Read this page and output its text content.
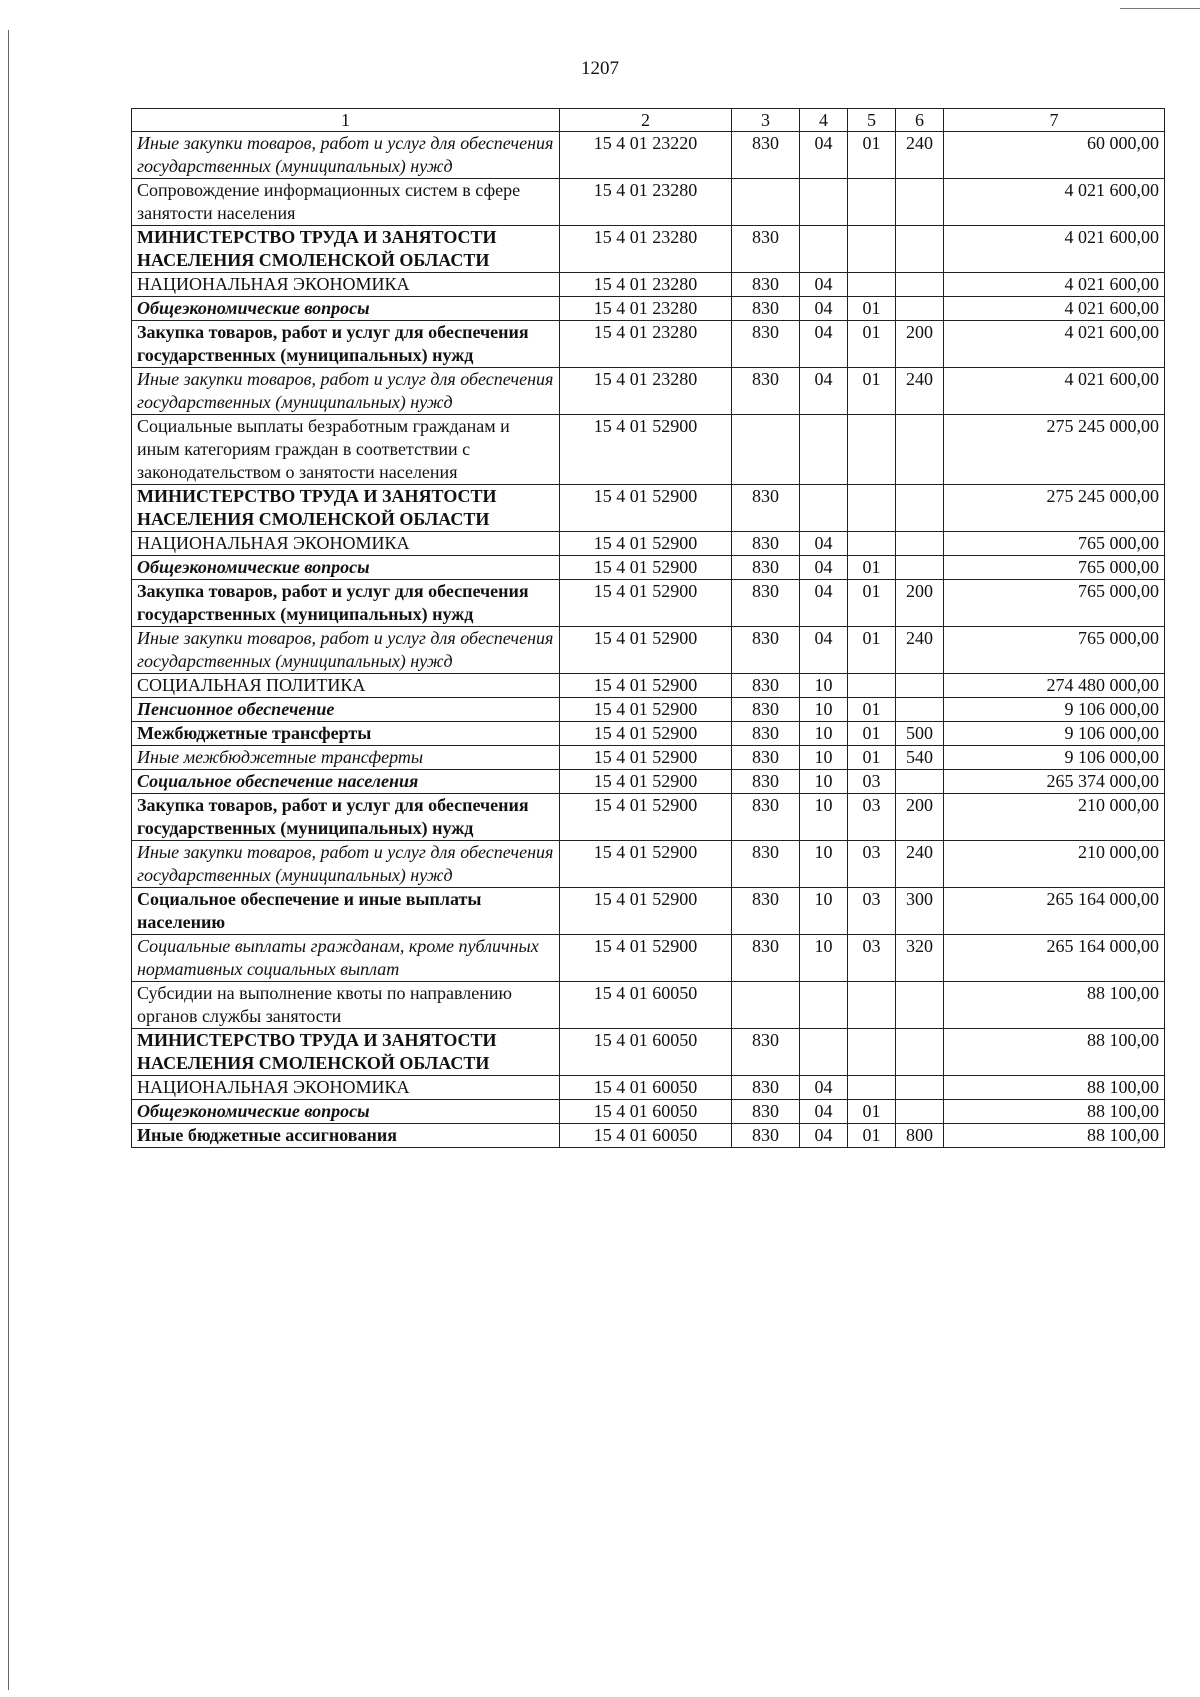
1207
1	2	3	4	5	6	7
Иные закупки товаров, работ и услуг для обеспечения государственных (муниципальных) нужд	15 4 01 23220	830	04	01	240	60 000,00
Сопровождение информационных систем в сфере занятости населения	15 4 01 23280					4 021 600,00
МИНИСТЕРСТВО ТРУДА И ЗАНЯТОСТИ НАСЕЛЕНИЯ СМОЛЕНСКОЙ ОБЛАСТИ	15 4 01 23280	830				4 021 600,00
НАЦИОНАЛЬНАЯ ЭКОНОМИКА	15 4 01 23280	830	04			4 021 600,00
Общеэкономические вопросы	15 4 01 23280	830	04	01		4 021 600,00
Закупка товаров, работ и услуг для обеспечения государственных (муниципальных) нужд	15 4 01 23280	830	04	01	200	4 021 600,00
Иные закупки товаров, работ и услуг для обеспечения государственных (муниципальных) нужд	15 4 01 23280	830	04	01	240	4 021 600,00
Социальные выплаты безработным гражданам и иным категориям граждан в соответствии с законодательством о занятости населения	15 4 01 52900					275 245 000,00
МИНИСТЕРСТВО ТРУДА И ЗАНЯТОСТИ НАСЕЛЕНИЯ СМОЛЕНСКОЙ ОБЛАСТИ	15 4 01 52900	830				275 245 000,00
НАЦИОНАЛЬНАЯ ЭКОНОМИКА	15 4 01 52900	830	04			765 000,00
Общеэкономические вопросы	15 4 01 52900	830	04	01		765 000,00
Закупка товаров, работ и услуг для обеспечения государственных (муниципальных) нужд	15 4 01 52900	830	04	01	200	765 000,00
Иные закупки товаров, работ и услуг для обеспечения государственных (муниципальных) нужд	15 4 01 52900	830	04	01	240	765 000,00
СОЦИАЛЬНАЯ ПОЛИТИКА	15 4 01 52900	830	10			274 480 000,00
Пенсионное обеспечение	15 4 01 52900	830	10	01		9 106 000,00
Межбюджетные трансферты	15 4 01 52900	830	10	01	500	9 106 000,00
Иные межбюджетные трансферты	15 4 01 52900	830	10	01	540	9 106 000,00
Социальное обеспечение населения	15 4 01 52900	830	10	03		265 374 000,00
Закупка товаров, работ и услуг для обеспечения государственных (муниципальных) нужд	15 4 01 52900	830	10	03	200	210 000,00
Иные закупки товаров, работ и услуг для обеспечения государственных (муниципальных) нужд	15 4 01 52900	830	10	03	240	210 000,00
Социальное обеспечение и иные выплаты населению	15 4 01 52900	830	10	03	300	265 164 000,00
Социальные выплаты гражданам, кроме публичных нормативных социальных выплат	15 4 01 52900	830	10	03	320	265 164 000,00
Субсидии на выполнение квоты по направлению органов службы занятости	15 4 01 60050					88 100,00
МИНИСТЕРСТВО ТРУДА И ЗАНЯТОСТИ НАСЕЛЕНИЯ СМОЛЕНСКОЙ ОБЛАСТИ	15 4 01 60050	830				88 100,00
НАЦИОНАЛЬНАЯ ЭКОНОМИКА	15 4 01 60050	830	04			88 100,00
Общеэкономические вопросы	15 4 01 60050	830	04	01		88 100,00
Иные бюджетные ассигнования	15 4 01 60050	830	04	01	800	88 100,00
